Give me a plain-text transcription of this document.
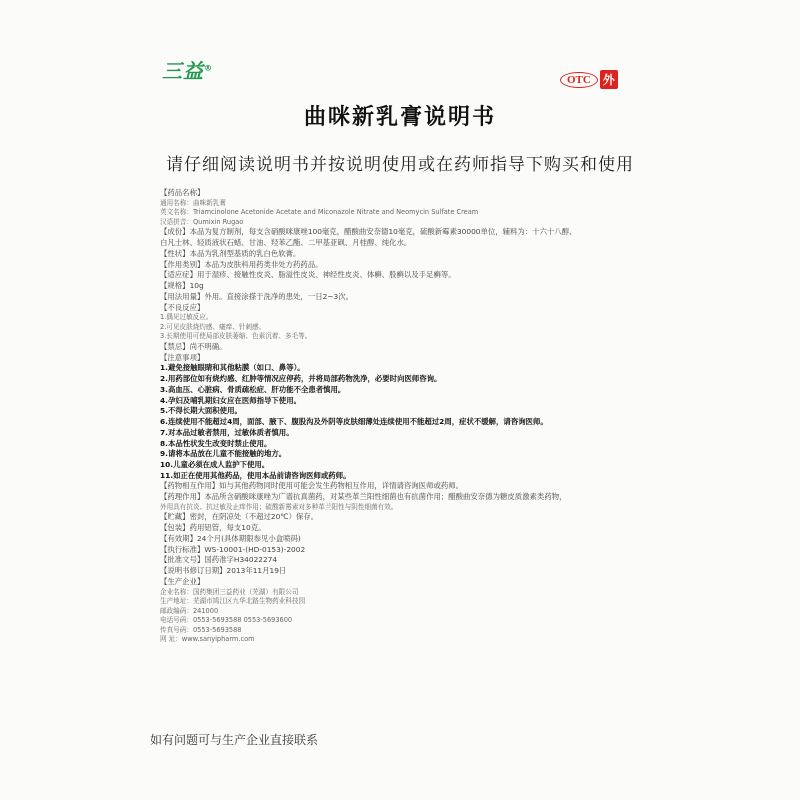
三益®
OTC	外
曲咪新乳膏说明书
请仔细阅读说明书并按说明使用或在药师指导下购买和使用
【药品名称】
通用名称：曲咪新乳膏
英文名称：Triamcinolone Acetonide Acetate and Miconazole Nitrate and Neomycin Sulfate Cream
汉语拼音：Qumixin Rugao
【成份】本品为复方制剂，每支含硝酸咪康唑100毫克，醋酸曲安奈德10毫克，硫酸新霉素30000单位，辅料为：十六十八醇、
白凡士林、轻质液状石蜡、甘油、羟苯乙酯、二甲基亚砜、月桂醇、纯化水。
【性状】本品为乳剂型基质的乳白色软膏。
【作用类别】本品为皮肤科用药类非处方药药品。
【适应症】用于湿疹、接触性皮炎、脂溢性皮炎、神经性皮炎、体癣、股癣以及手足癣等。
【规格】10g
【用法用量】外用。直接涂搽于洗净的患处，一日2~3次。
【不良反应】
1.偶见过敏反应。
2.可见皮肤烧灼感、瘙痒、针刺感。
3.长期使用可使局部皮肤萎缩、色素沉着、多毛等。
【禁忌】尚不明确。
【注意事项】
1.避免接触眼睛和其他粘膜（如口、鼻等）。
2.用药部位如有烧灼感、红肿等情况应停药，并将局部药物洗净，必要时向医师咨询。
3.高血压、心脏病、骨质疏松症、肝功能不全患者慎用。
4.孕妇及哺乳期妇女应在医师指导下使用。
5.不得长期大面积使用。
6.连续使用不能超过4周，面部、腋下、腹股沟及外阴等皮肤细薄处连续使用不能超过2周，症状不缓解，请咨询医师。
7.对本品过敏者禁用，过敏体质者慎用。
8.本品性状发生改变时禁止使用。
9.请将本品放在儿童不能接触的地方。
10.儿童必须在成人监护下使用。
11.如正在使用其他药品，使用本品前请咨询医师或药师。
【药物相互作用】如与其他药物同时使用可能会发生药物相互作用，详情请咨询医师或药师。
【药理作用】本品所含硝酸咪康唑为广谱抗真菌药，对某些革兰阳性细菌也有抗菌作用；醋酸曲安奈德为糖皮质激素类药物，
外用具有抗炎、抗过敏及止痒作用；硫酸新霉素对多种革兰阳性与阴性细菌有效。
【贮藏】密封，在阴凉处（不超过20℃）保存。
【包装】药用铝管，每支10克。
【有效期】24个月(具体期限参见小盒喷码)
【执行标准】WS-10001-(HD-0153)-2002
【批准文号】国药准字H34022274
【说明书修订日期】2013年11月19日
【生产企业】
企业名称：国药集团三益药业（芜湖）有限公司
生产地址：芜湖市鸠江区九华北路生物药业科技园
邮政编码：241000
电话号码：0553-5693588 0553-5693600
传真号码：0553-5693588
网 址：www.sanyipharm.com
如有问题可与生产企业直接联系
